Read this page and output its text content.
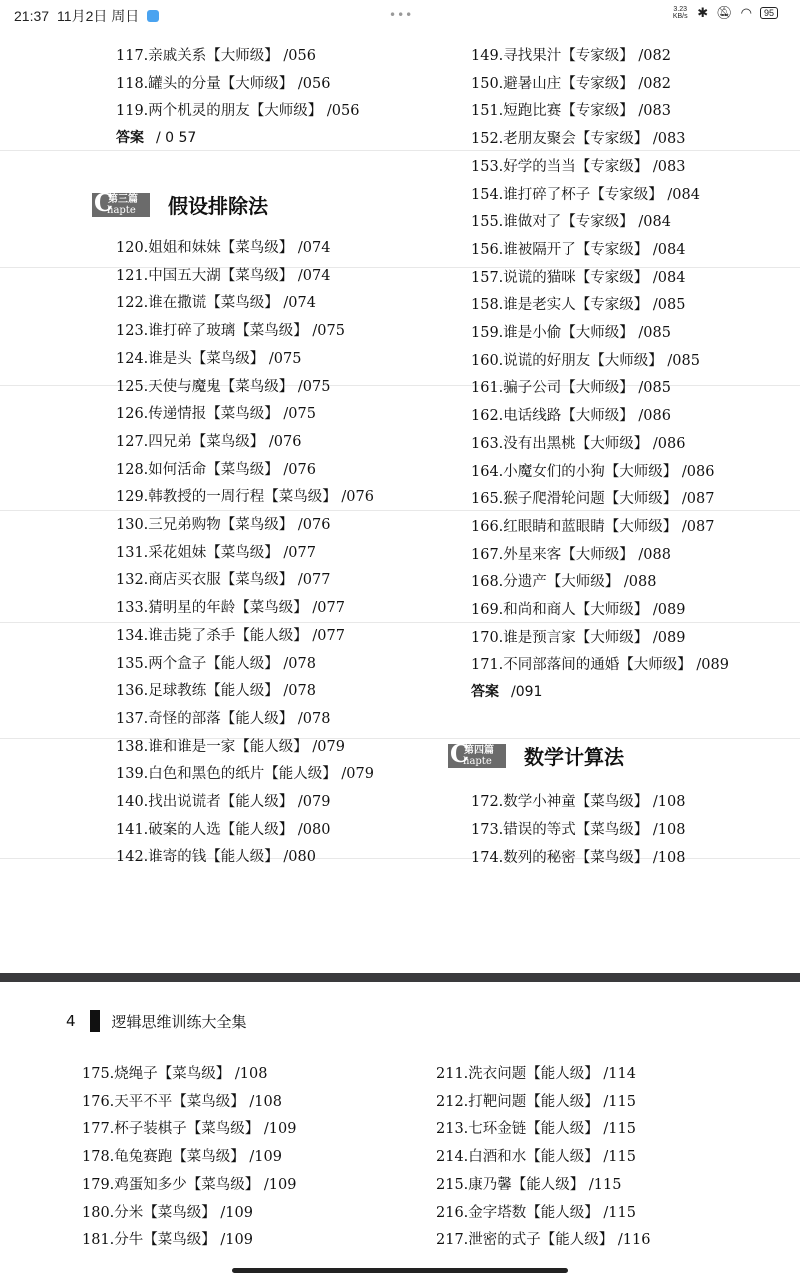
117.亲戚关系【大师级】 /056
118.罐头的分量【大师级】 /056
119.两个机灵的朋友【大师级】 /056
答案 / 0 57
C
第三篇
hapte 假设排除法
120.姐姐和妹妹【菜鸟级】 /074
121.中国五大湖【菜鸟级】 /074
122.谁在撒谎【菜鸟级】 /074
123.谁打碎了玻璃【菜鸟级】 /075
124.谁是头【菜鸟级】 /075
125.天使与魔鬼【菜鸟级】 /075
126.传递情报【菜鸟级】 /075
127.四兄弟【菜鸟级】 /076
128.如何活命【菜鸟级】 /076
129.韩教授的一周行程【菜鸟级】 /076
130.三兄弟购物【菜鸟级】 /076
131.采花姐妹【菜鸟级】 /077
132.商店买衣服【菜鸟级】 /077
133.猜明星的年龄【菜鸟级】 /077
134.谁击毙了杀手【能人级】 /077
135.两个盒子【能人级】 /078
136.足球教练【能人级】 /078
137.奇怪的部落【能人级】 /078
138.谁和谁是一家【能人级】 /079
139.白色和黑色的纸片【能人级】 /079
140.找出说谎者【能人级】 /079
141.破案的人选【能人级】 /080
142.谁寄的钱【能人级】 /080
149.寻找果汁【专家级】 /082
150.避暑山庄【专家级】 /082
151.短跑比赛【专家级】 /083
152.老朋友聚会【专家级】 /083
153.好学的当当【专家级】 /083
154.谁打碎了杯子【专家级】 /084
155.谁做对了【专家级】 /084
156.谁被隔开了【专家级】 /084
157.说谎的猫咪【专家级】 /084
158.谁是老实人【专家级】 /085
159.谁是小偷【大师级】 /085
160.说谎的好朋友【大师级】 /085
161.骗子公司【大师级】 /085
162.电话线路【大师级】 /086
163.没有出黑桃【大师级】 /086
164.小魔女们的小狗【大师级】 /086
165.猴子爬滑轮问题【大师级】 /087
166.红眼睛和蓝眼睛【大师级】 /087
167.外星来客【大师级】 /088
168.分遗产【大师级】 /088
169.和尚和商人【大师级】 /089
170.谁是预言家【大师级】 /089
171.不同部落间的通婚【大师级】 /089
答案 /091
C
第四篇
hapte 数学计算法
172.数学小神童【菜鸟级】 /108
173.错误的等式【菜鸟级】 /108
174.数列的秘密【菜鸟级】 /108
175.烧绳子【菜鸟级】 /108
176.天平不平【菜鸟级】 /108
177.杯子装棋子【菜鸟级】 /109
178.龟兔赛跑【菜鸟级】 /109
179.鸡蛋知多少【菜鸟级】 /109
180.分米【菜鸟级】 /109
181.分牛【菜鸟级】 /109
211.洗衣问题【能人级】 /114
212.打靶问题【能人级】 /115
213.七环金链【能人级】 /115
214.白酒和水【能人级】 /115
215.康乃馨【能人级】 /115
216.金字塔数【能人级】 /115
217.泄密的式子【能人级】 /116
4 逻辑思维训练大全集
21:37 11月2日 周日	•••	3.23 KB/s ✱ 🔕︎ ◠	95
